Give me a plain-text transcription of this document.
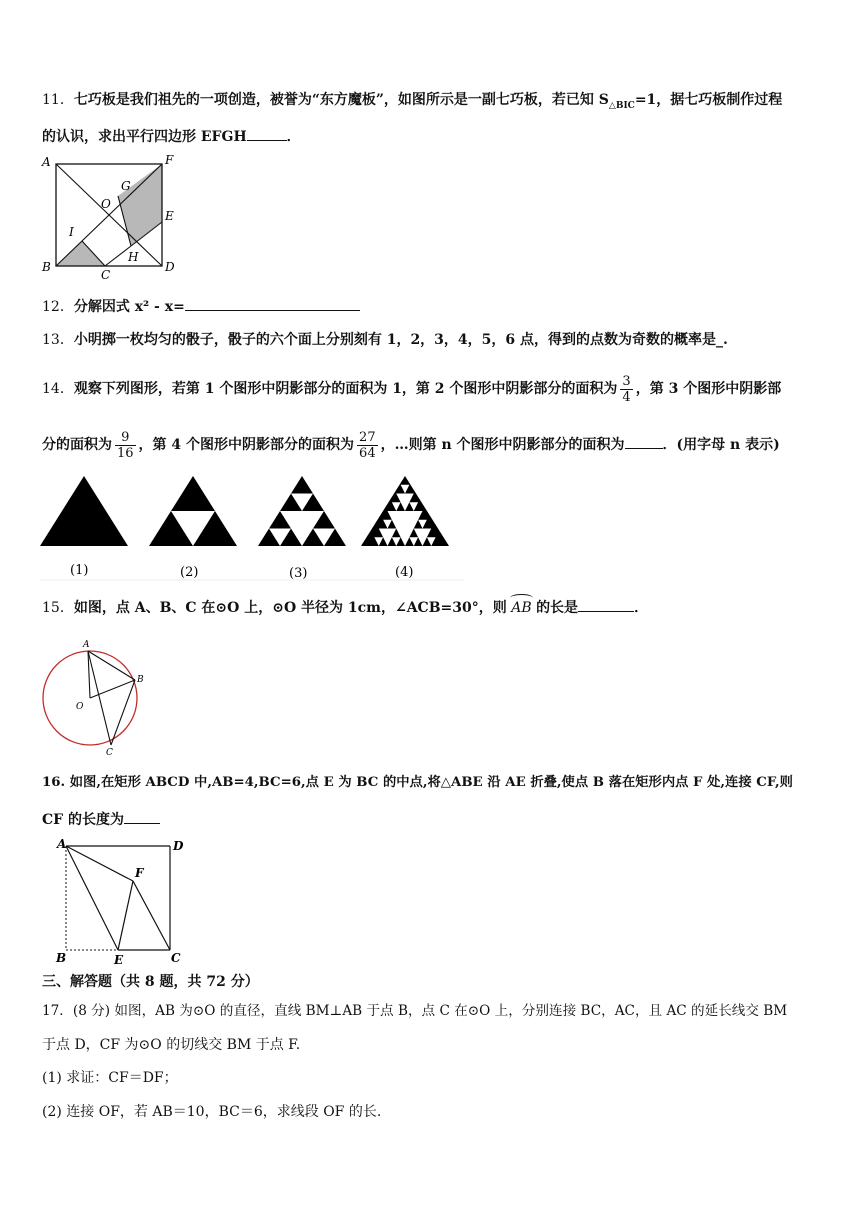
11．七巧板是我们祖先的一项创造，被誉为“东方魔板”，如图所示是一副七巧板，若已知 $S_{\triangle BIC}=1$，据七巧板制作过程
的认识，求出平行四边形 EFGH	．
A	F
G
O
E
I
B
C
H
D
12．分解因式 x² - x=
13．小明掷一枚均匀的骰子，骰子的六个面上分别刻有 1，2，3，4，5，6 点，得到的点数为奇数的概率是_.
14．观察下列图形，若第 1 个图形中阴影部分的面积为 1，第 2 个图形中阴影部分的面积为 $\frac{3}{4}$ ，第 3 个图形中阴影部
分的面积为 $\frac{9}{16}$ ，第 4 个图形中阴影部分的面积为 $\frac{27}{64}$ ，…则第 n 个图形中阴影部分的面积为	．(用字母 n 表示)
(1)	(2)	(3)	(4)
15．如图，点 A、B、C 在⊙O 上，⊙O 半径为 1cm，∠ACB=30°，则 AB 的长是	．
A
B
O
C
16. 如图,在矩形 ABCD 中,AB=4,BC=6,点 E 为 BC 的中点,将△ABE 沿 AE 折叠,使点 B 落在矩形内点 F 处,连接 CF,则
CF 的长度为
A	D
F
B	E	C
三、解答题（共 8 题，共 72 分）
17．(8 分) 如图，AB 为⊙O 的直径，直线 BM⊥AB 于点 B，点 C 在⊙O 上，分别连接 BC，AC，且 AC 的延长线交 BM
于点 D，CF 为⊙O 的切线交 BM 于点 F.
(1) 求证：CF＝DF；
(2) 连接 OF，若 AB＝10，BC＝6，求线段 OF 的长.
